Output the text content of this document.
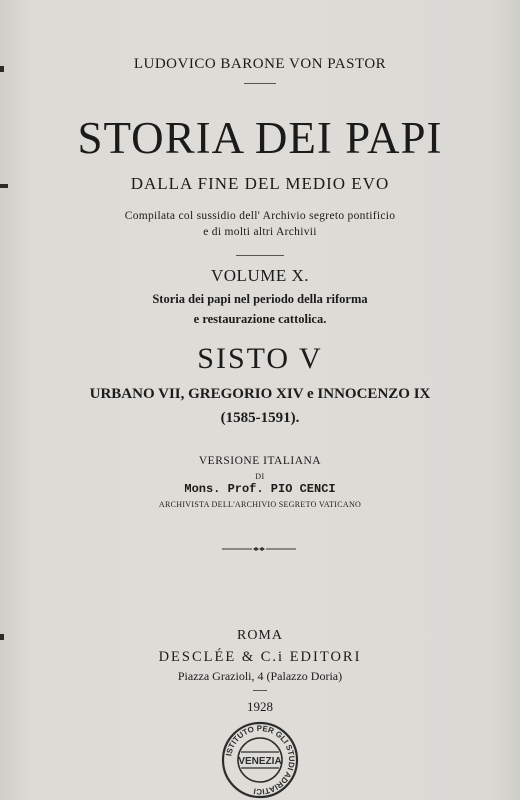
LUDOVICO BARONE VON PASTOR
STORIA DEI PAPI
DALLA FINE DEL MEDIO EVO
Compilata col sussidio dell' Archivio segreto pontificio
e di molti altri Archivii
VOLUME X.
Storia dei papi nel periodo della riforma
e restaurazione cattolica.
SISTO V
URBANO VII, GREGORIO XIV e INNOCENZO IX
(1585-1591).
VERSIONE ITALIANA
DI
Mons. Prof. PIO CENCI
ARCHIVISTA DELL'ARCHIVIO SEGRETO VATICANO
ROMA
DESCLÉE & C.i EDITORI
Piazza Grazioli, 4 (Palazzo Doria)
1928
ISTITUTO PER GLI STUDI ADRIATICI
VENEZIA
